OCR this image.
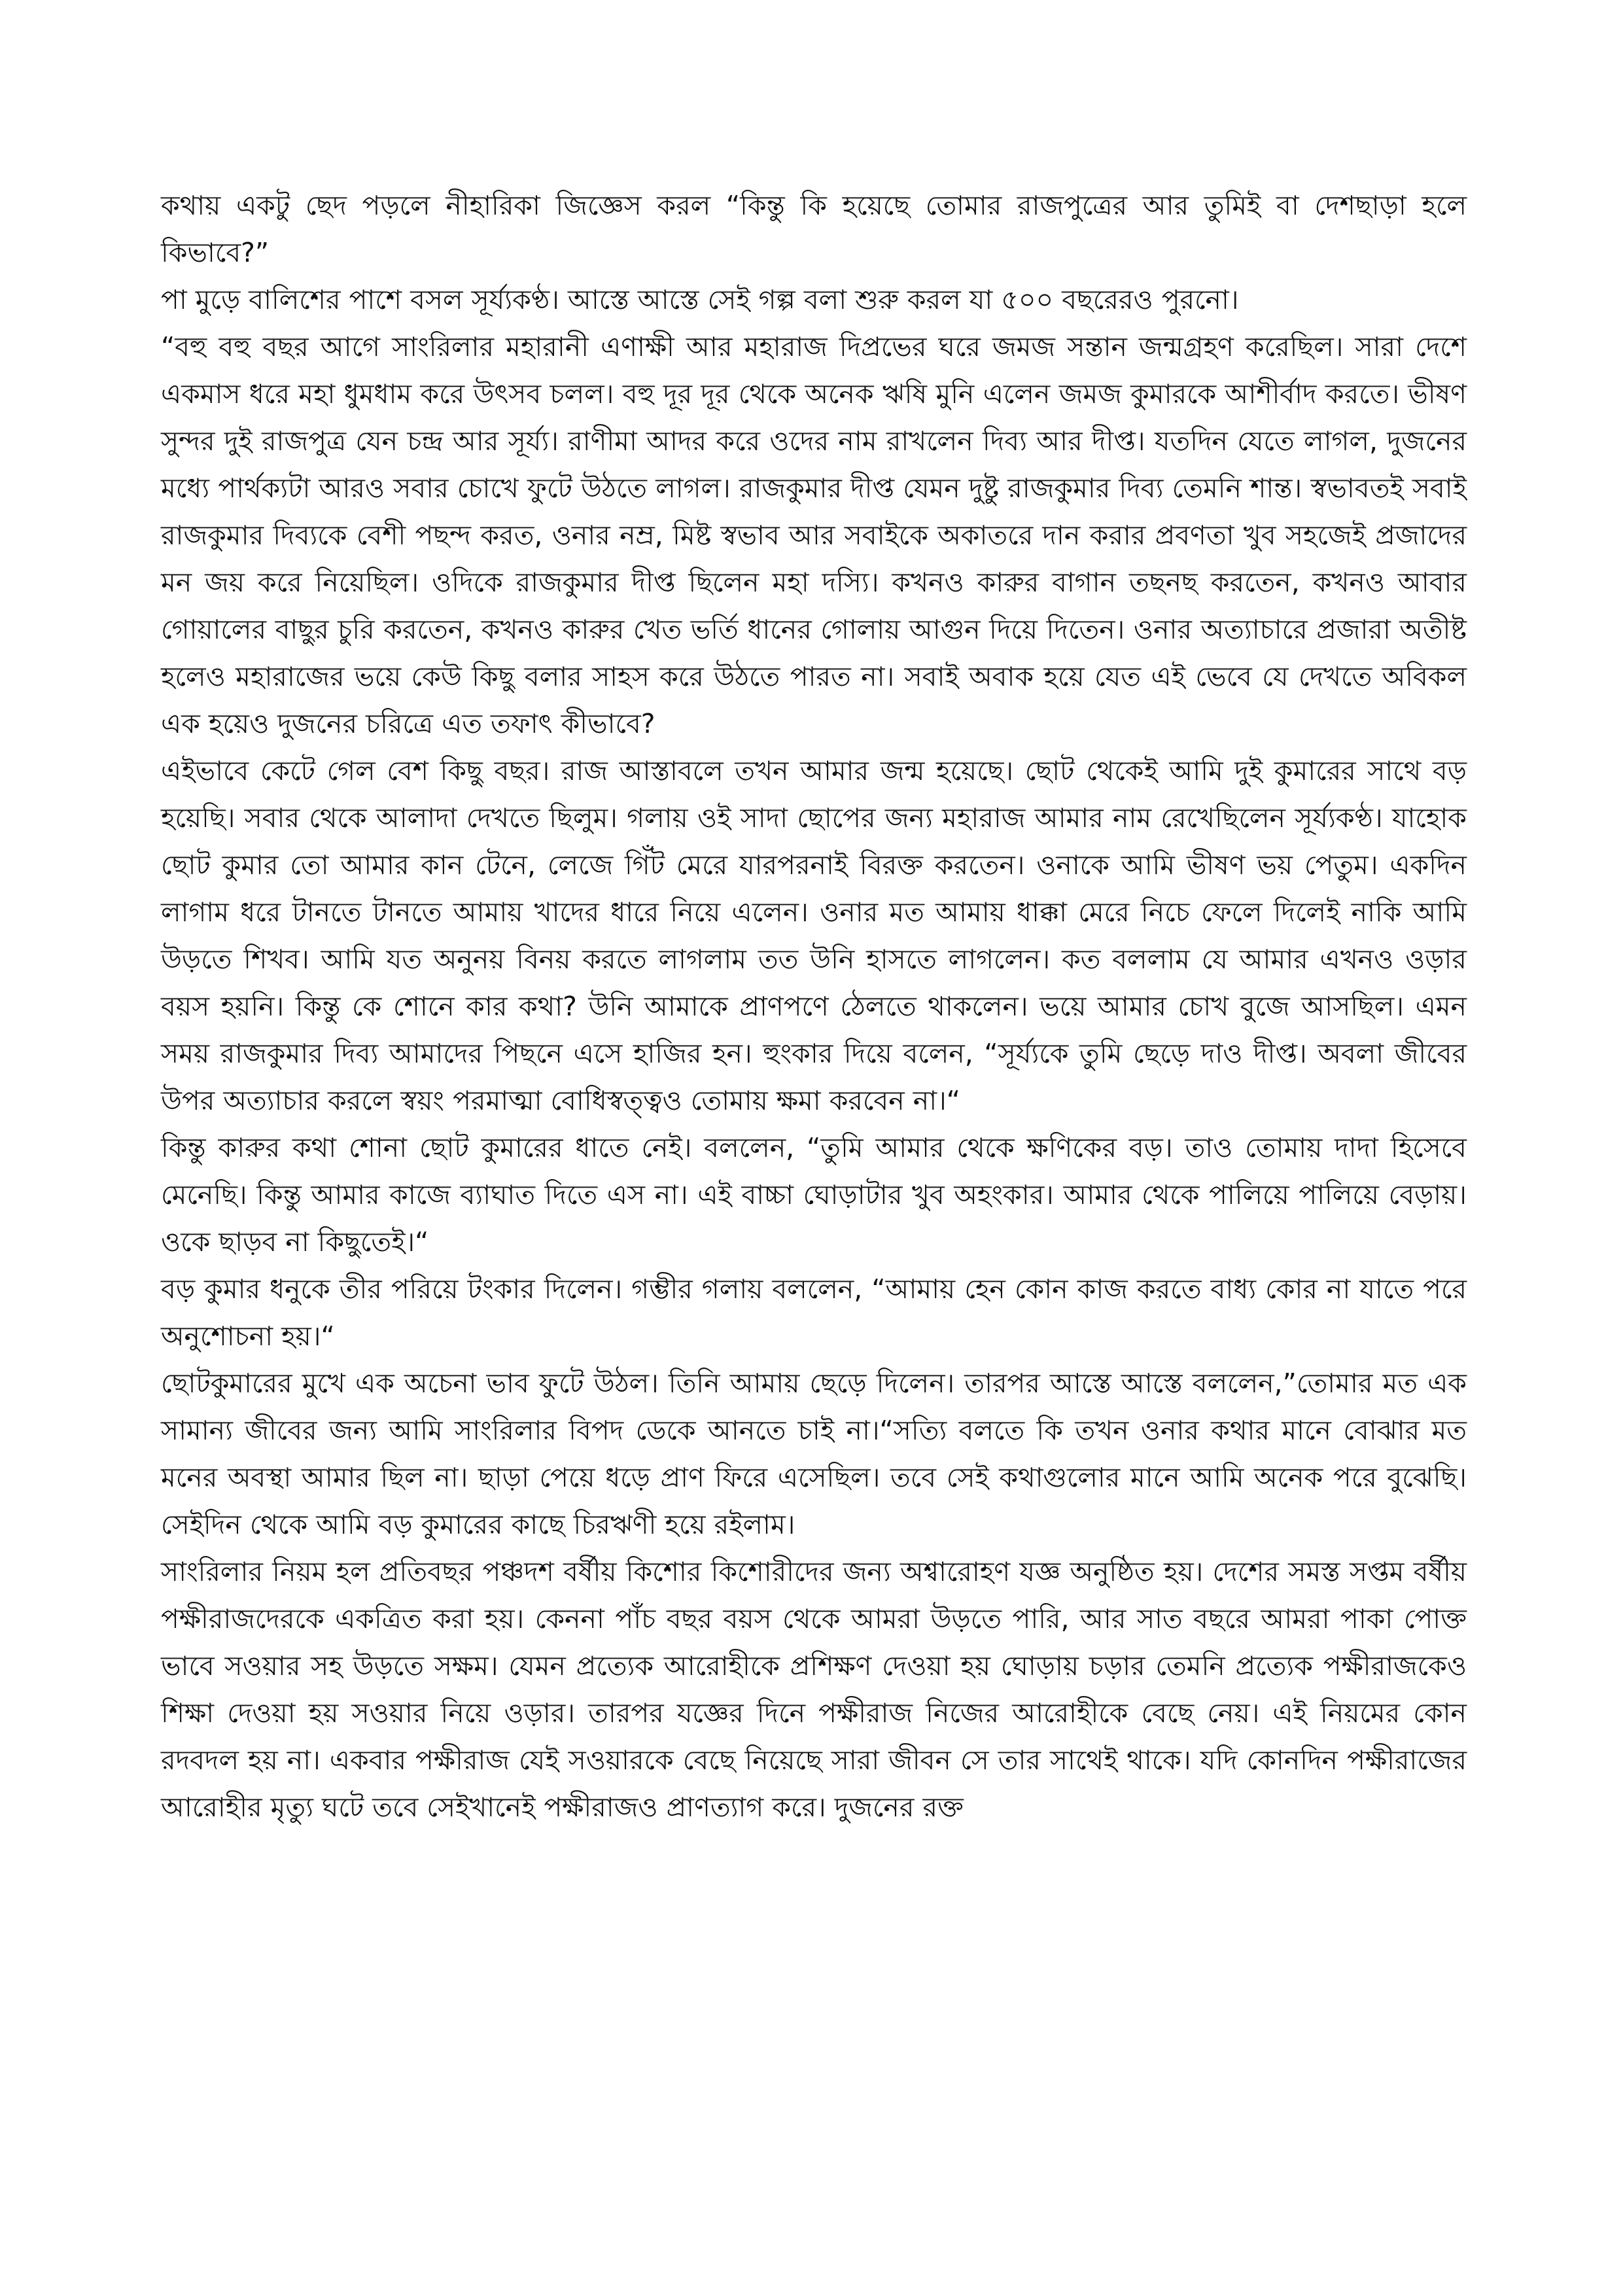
কথায় একটু ছেদ পড়লে নীহারিকা জিজ্ঞেস করল “কিন্তু কি হয়েছে তোমার রাজপুত্রের আর তুমিই বা দেশছাড়া হলে কিভাবে?”

পা মুড়ে বালিশের পাশে বসল সূর্য্যকণ্ঠ। আস্তে আস্তে সেই গল্প বলা শুরু করল যা ৫০০ বছরেরও পুরনো।

“বহু বহু বছর আগে সাংরিলার মহারানী এণাক্ষী আর মহারাজ দিপ্রভের ঘরে জমজ সন্তান জন্মগ্রহণ করেছিল। সারা দেশে একমাস ধরে মহা ধুমধাম করে উৎসব চলল। বহু দূর দূর থেকে অনেক ঋষি মুনি এলেন জমজ কুমারকে আশীর্বাদ করতে। ভীষণ সুন্দর দুই রাজপুত্র যেন চন্দ্র আর সূর্য্য। রাণীমা আদর করে ওদের নাম রাখলেন দিব্য আর দীপ্ত। যতদিন যেতে লাগল, দুজনের মধ্যে পার্থক্যটা আরও সবার চোখে ফুটে উঠতে লাগল। রাজকুমার দীপ্ত যেমন দুষ্টু রাজকুমার দিব্য তেমনি শান্ত। স্বভাবতই সবাই রাজকুমার দিব্যকে বেশী পছন্দ করত, ওনার নম্র, মিষ্ট স্বভাব আর সবাইকে অকাতরে দান করার প্রবণতা খুব সহজেই প্রজাদের মন জয় করে নিয়েছিল। ওদিকে রাজকুমার দীপ্ত ছিলেন মহা দস্যি। কখনও কারুর বাগান তছনছ করতেন, কখনও আবার গোয়ালের বাছুর চুরি করতেন, কখনও কারুর খেত ভর্তি ধানের গোলায় আগুন দিয়ে দিতেন। ওনার অত্যাচারে প্রজারা অতীষ্ট হলেও মহারাজের ভয়ে কেউ কিছু বলার সাহস করে উঠতে পারত না। সবাই অবাক হয়ে যেত এই ভেবে যে দেখতে অবিকল এক হয়েও দুজনের চরিত্রে এত তফাৎ কীভাবে?

এইভাবে কেটে গেল বেশ কিছু বছর। রাজ আস্তাবলে তখন আমার জন্ম হয়েছে। ছোট থেকেই আমি দুই কুমারের সাথে বড় হয়েছি। সবার থেকে আলাদা দেখতে ছিলুম। গলায় ওই সাদা ছোপের জন্য মহারাজ আমার নাম রেখেছিলেন সূর্য্যকণ্ঠ। যাহোক ছোট কুমার তো আমার কান টেনে, লেজে গিঁট মেরে যারপরনাই বিরক্ত করতেন। ওনাকে আমি ভীষণ ভয় পেতুম। একদিন লাগাম ধরে টানতে টানতে আমায় খাদের ধারে নিয়ে এলেন। ওনার মত আমায় ধাক্কা মেরে নিচে ফেলে দিলেই নাকি আমি উড়তে শিখব। আমি যত অনুনয় বিনয় করতে লাগলাম তত উনি হাসতে লাগলেন। কত বললাম যে আমার এখনও ওড়ার বয়স হয়নি। কিন্তু কে শোনে কার কথা? উনি আমাকে প্রাণপণে ঠেলতে থাকলেন। ভয়ে আমার চোখ বুজে আসছিল। এমন সময় রাজকুমার দিব্য আমাদের পিছনে এসে হাজির হন। হুংকার দিয়ে বলেন, “সূর্য্যকে তুমি ছেড়ে দাও দীপ্ত। অবলা জীবের উপর অত্যাচার করলে স্বয়ং পরমাত্মা বোধিস্বত্ত্বও তোমায় ক্ষমা করবেন না।“

কিন্তু কারুর কথা শোনা ছোট কুমারের ধাতে নেই। বললেন, “তুমি আমার থেকে ক্ষণিকের বড়। তাও তোমায় দাদা হিসেবে মেনেছি। কিন্তু আমার কাজে ব্যাঘাত দিতে এস না। এই বাচ্চা ঘোড়াটার খুব অহংকার। আমার থেকে পালিয়ে পালিয়ে বেড়ায়। ওকে ছাড়ব না কিছুতেই।“

বড় কুমার ধনুকে তীর পরিয়ে টংকার দিলেন। গম্ভীর গলায় বললেন, “আমায় হেন কোন কাজ করতে বাধ্য কোর না যাতে পরে অনুশোচনা হয়।“

ছোটকুমারের মুখে এক অচেনা ভাব ফুটে উঠল। তিনি আমায় ছেড়ে দিলেন। তারপর আস্তে আস্তে বললেন,”তোমার মত এক সামান্য জীবের জন্য আমি সাংরিলার বিপদ ডেকে আনতে চাই না।“সত্যি বলতে কি তখন ওনার কথার মানে বোঝার মত মনের অবস্থা আমার ছিল না। ছাড়া পেয়ে ধড়ে প্রাণ ফিরে এসেছিল। তবে সেই কথাগুলোর মানে আমি অনেক পরে বুঝেছি। সেইদিন থেকে আমি বড় কুমারের কাছে চিরঋণী হয়ে রইলাম।

সাংরিলার নিয়ম হল প্রতিবছর পঞ্চদশ বর্ষীয় কিশোর কিশোরীদের জন্য অশ্বারোহণ যজ্ঞ অনুষ্ঠিত হয়। দেশের সমস্ত সপ্তম বর্ষীয় পক্ষীরাজদেরকে একত্রিত করা হয়। কেননা পাঁচ বছর বয়স থেকে আমরা উড়তে পারি, আর সাত বছরে আমরা পাকা পোক্ত ভাবে সওয়ার সহ উড়তে সক্ষম। যেমন প্রত্যেক আরোহীকে প্রশিক্ষণ দেওয়া হয় ঘোড়ায় চড়ার তেমনি প্রত্যেক পক্ষীরাজকেও শিক্ষা দেওয়া হয় সওয়ার নিয়ে ওড়ার। তারপর যজ্ঞের দিনে পক্ষীরাজ নিজের আরোহীকে বেছে নেয়। এই নিয়মের কোন রদবদল হয় না। একবার পক্ষীরাজ যেই সওয়ারকে বেছে নিয়েছে সারা জীবন সে তার সাথেই থাকে। যদি কোনদিন পক্ষীরাজের আরোহীর মৃত্যু ঘটে তবে সেইখানেই পক্ষীরাজও প্রাণত্যাগ করে। দুজনের রক্ত
